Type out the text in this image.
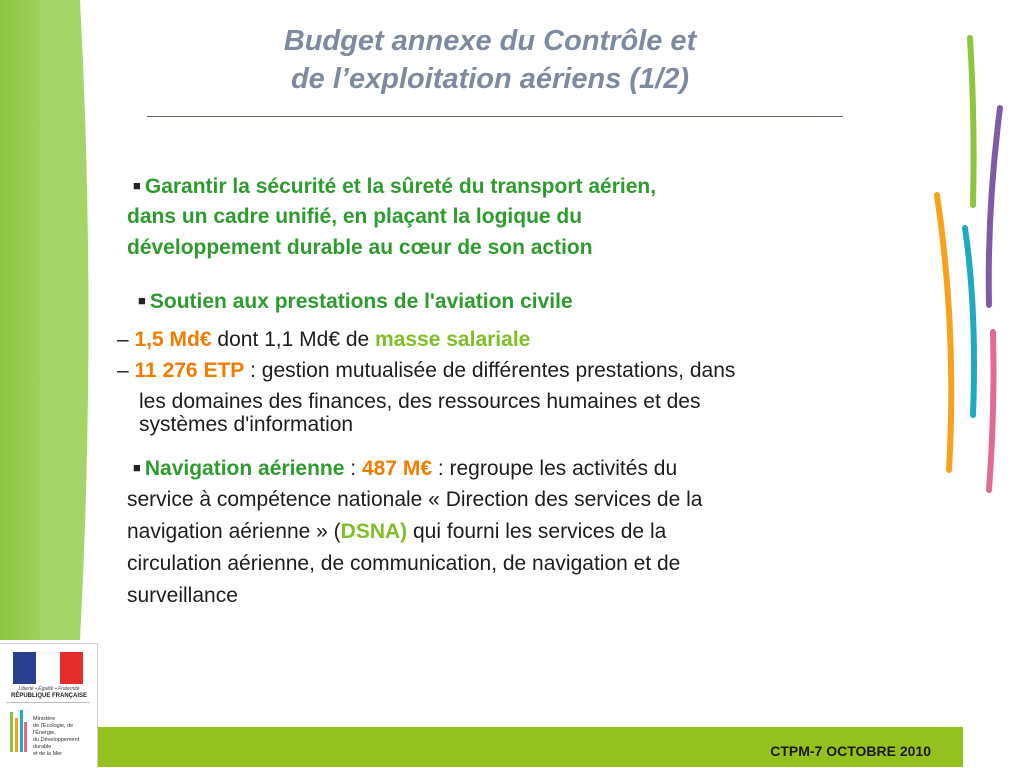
Budget annexe du Contrôle et
de l’exploitation aériens (1/2)
■ Garantir la sécurité et la sûreté du transport aérien,
dans un cadre unifié, en plaçant la logique du
développement durable au cœur de son action
■ Soutien aux prestations de l'aviation civile
– 1,5 Md€ dont 1,1 Md€ de masse salariale
– 11 276 ETP : gestion mutualisée de différentes prestations, dans
les domaines des finances, des ressources humaines et des
systèmes d'information
■ Navigation aérienne : 487 M€ : regroupe les activités du
service à compétence nationale « Direction des services de la
navigation aérienne » (DSNA) qui fourni les services de la
circulation aérienne, de communication, de navigation et de
surveillance
CTPM-7 OCTOBRE 2010
Liberté • Égalité • Fraternité
RÉPUBLIQUE FRANÇAISE
Ministère
de l'Écologie, de l'Énergie,
du Développement
durable
et de la Mer
